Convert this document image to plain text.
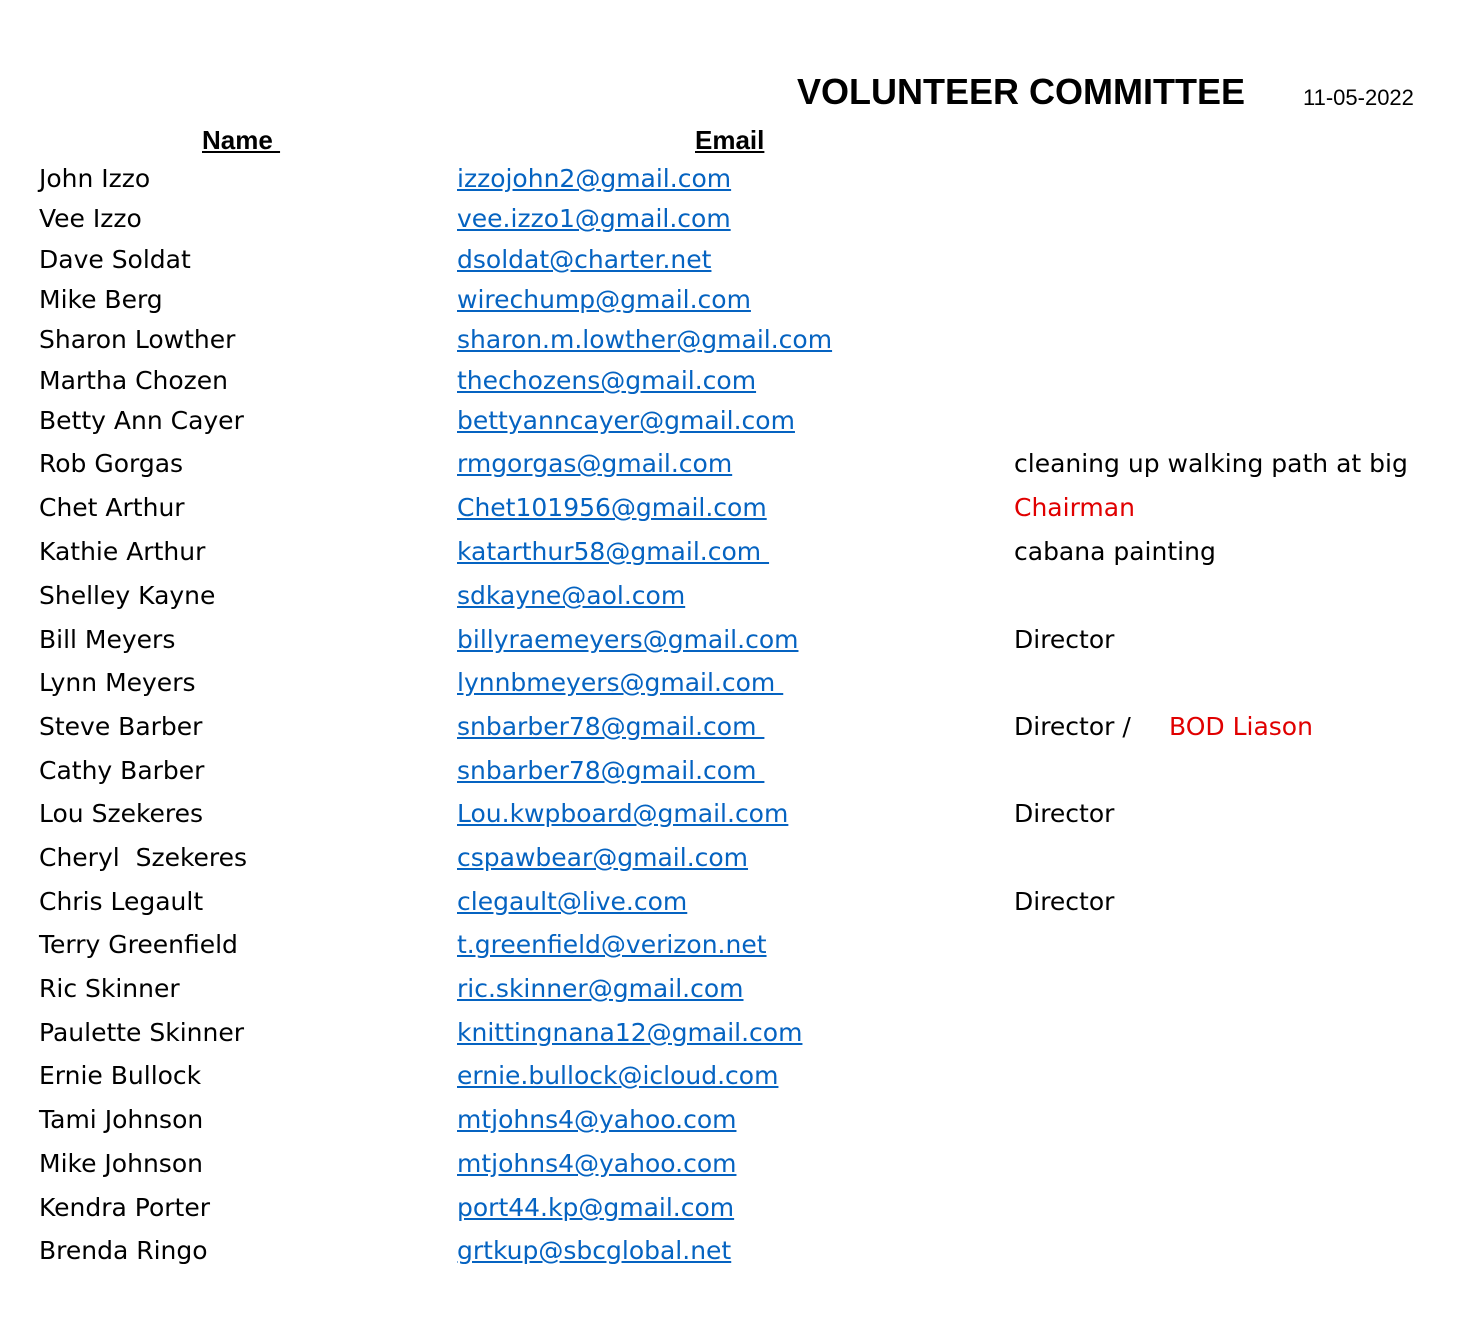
VOLUNTEER COMMITTEE	11-05-2022
Name	Email
John Izzo	izzojohn2@gmail.com
Vee Izzo	vee.izzo1@gmail.com
Dave Soldat	dsoldat@charter.net
Mike Berg	wirechump@gmail.com
Sharon Lowther	sharon.m.lowther@gmail.com
Martha Chozen	thechozens@gmail.com
Betty Ann Cayer	bettyanncayer@gmail.com
Rob Gorgas	rmgorgas@gmail.com	cleaning up walking path at big
Chet Arthur	Chet101956@gmail.com	Chairman
Kathie Arthur	katarthur58@gmail.com	cabana painting
Shelley Kayne	sdkayne@aol.com
Bill Meyers	billyraemeyers@gmail.com	Director
Lynn Meyers	lynnbmeyers@gmail.com
Steve Barber	snbarber78@gmail.com	Director /	BOD Liason
Cathy Barber	snbarber78@gmail.com
Lou Szekeres	Lou.kwpboard@gmail.com	Director
Cheryl  Szekeres	cspawbear@gmail.com
Chris Legault	clegault@live.com	Director
Terry Greenfield	t.greenfield@verizon.net
Ric Skinner	ric.skinner@gmail.com
Paulette Skinner	knittingnana12@gmail.com
Ernie Bullock	ernie.bullock@icloud.com
Tami Johnson	mtjohns4@yahoo.com
Mike Johnson	mtjohns4@yahoo.com
Kendra Porter	port44.kp@gmail.com
Brenda Ringo	grtkup@sbcglobal.net
